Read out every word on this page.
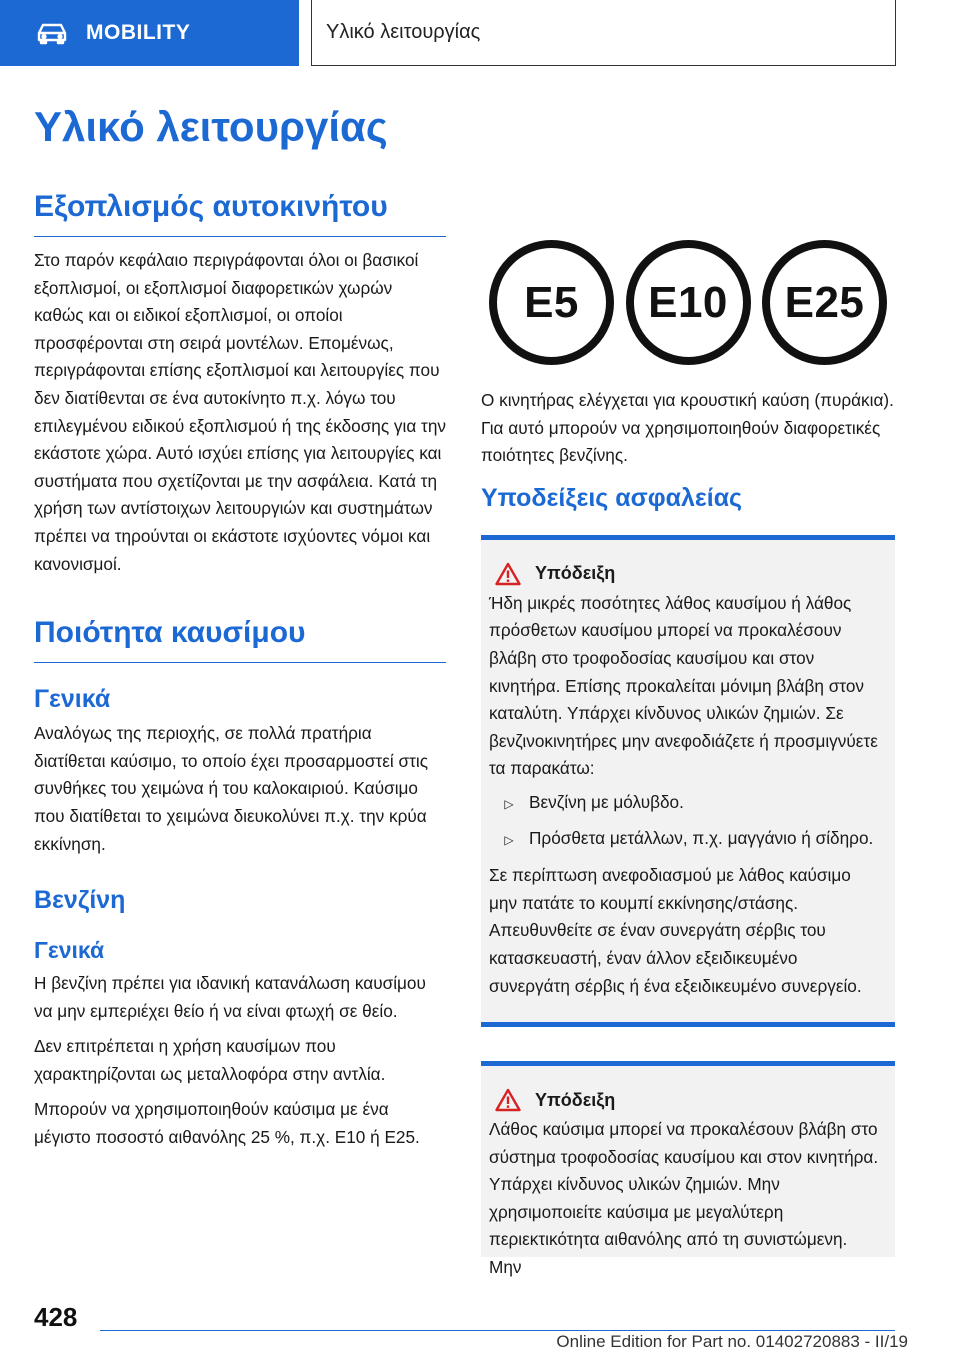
MOBILITY	Υλικό λειτουργίας
Υλικό λειτουργίας
Εξοπλισμός αυτοκινήτου

Στο παρόν κεφάλαιο περιγράφονται όλοι οι βασικοί εξοπλισμοί, οι εξοπλισμοί διαφορετικών χωρών καθώς και οι ειδικοί εξοπλισμοί, οι οποίοι προσφέρονται στη σειρά μοντέλων. Επομένως, περιγράφονται επίσης εξοπλισμοί και λειτουργίες που δεν διατίθενται σε ένα αυτοκίνητο π.χ. λόγω του επιλεγμένου ειδικού εξοπλισμού ή της έκδοσης για την εκάστοτε χώρα. Αυτό ισχύει επίσης για λειτουργίες και συστήματα που σχετίζονται με την ασφάλεια. Κατά τη χρήση των αντίστοιχων λειτουργιών και συστημάτων πρέπει να τηρούνται οι εκάστοτε ισχύοντες νόμοι και κανονισμοί.

Ποιότητα καυσίμου
Γενικά

Αναλόγως της περιοχής, σε πολλά πρατήρια διατίθεται καύσιμο, το οποίο έχει προσαρμοστεί στις συνθήκες του χειμώνα ή του καλοκαιριού. Καύσιμο που διατίθεται το χειμώνα διευκολύνει π.χ. την κρύα εκκίνηση.

Βενζίνη
Γενικά

Η βενζίνη πρέπει για ιδανική κατανάλωση καυσίμου να μην εμπεριέχει θείο ή να είναι φτωχή σε θείο.

Δεν επιτρέπεται η χρήση καυσίμων που χαρακτηρίζονται ως μεταλλοφόρα στην αντλία.

Μπορούν να χρησιμοποιηθούν καύσιμα με ένα μέγιστο ποσοστό αιθανόλης 25 %, π.χ. E10 ή E25.

E5	E10	E25

Ο κινητήρας ελέγχεται για κρουστική καύση (πυράκια). Για αυτό μπορούν να χρησιμοποιηθούν διαφορετικές ποιότητες βενζίνης.

Υποδείξεις ασφαλείας
Υπόδειξη

Ήδη μικρές ποσότητες λάθος καυσίμου ή λάθος πρόσθετων καυσίμου μπορεί να προκαλέσουν βλάβη στο τροφοδοσίας καυσίμου και στον κινητήρα. Επίσης προκαλείται μόνιμη βλάβη στον καταλύτη. Υπάρχει κίνδυνος υλικών ζημιών. Σε βενζινοκινητήρες μην ανεφοδιάζετε ή προσμιγνύετε τα παρακάτω:

▷ Βενζίνη με μόλυβδο.
▷ Πρόσθετα μετάλλων, π.χ. μαγγάνιο ή σίδηρο.

Σε περίπτωση ανεφοδιασμού με λάθος καύσιμο μην πατάτε το κουμπί εκκίνησης/στάσης. Απευθυνθείτε σε έναν συνεργάτη σέρβις του κατασκευαστή, έναν άλλον εξειδικευμένο συνεργάτη σέρβις ή ένα εξειδικευμένο συνεργείο.

Υπόδειξη

Λάθος καύσιμα μπορεί να προκαλέσουν βλάβη στο σύστημα τροφοδοσίας καυσίμου και στον κινητήρα. Υπάρχει κίνδυνος υλικών ζημιών. Μην χρησιμοποιείτε καύσιμα με μεγαλύτερη περιεκτικότητα αιθανόλης από τη συνιστώμενη. Μην

428
Online Edition for Part no. 01402720883 - II/19
